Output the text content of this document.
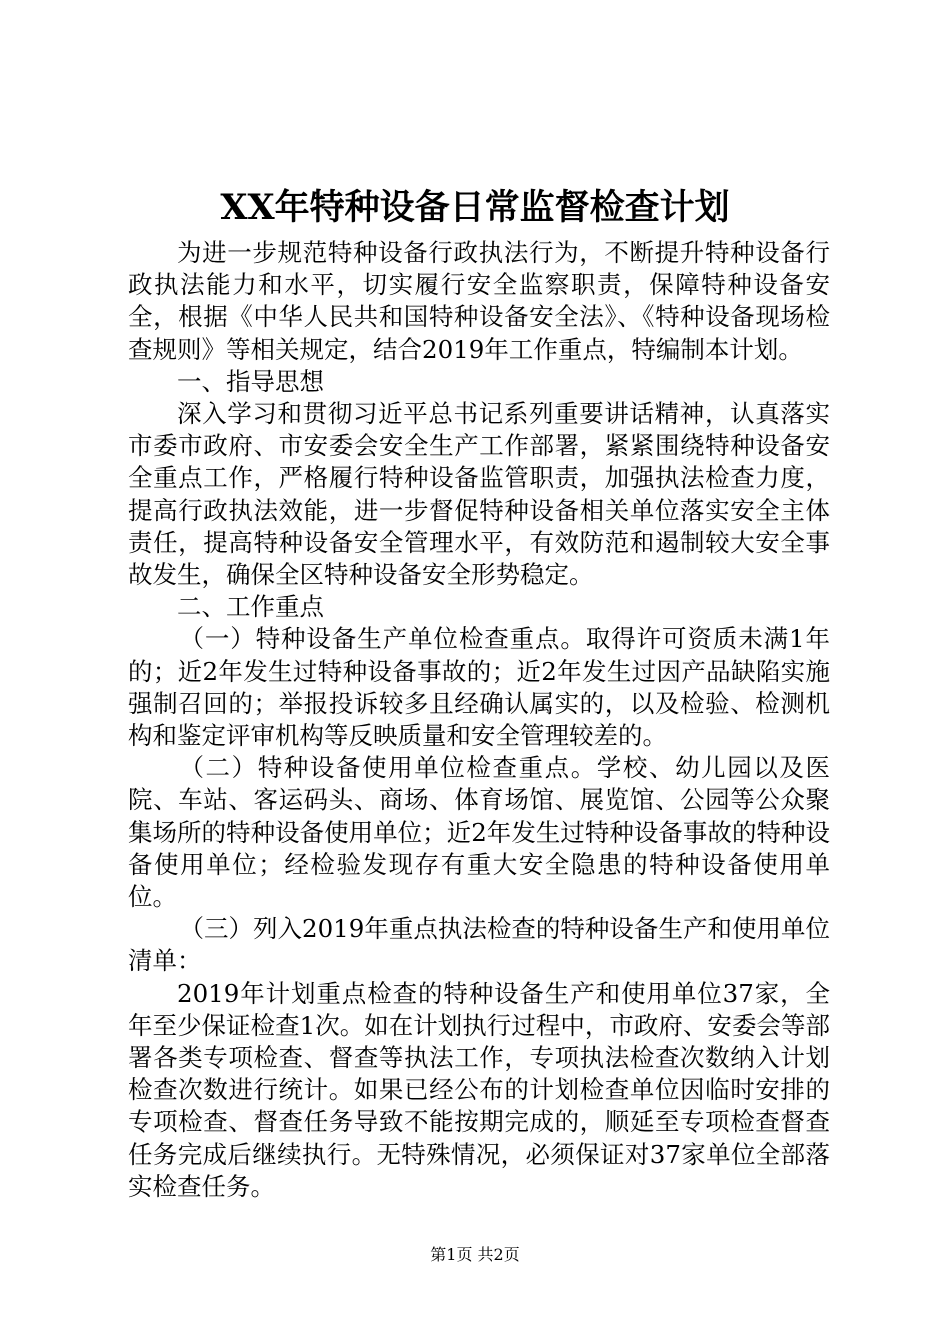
XX年特种设备日常监督检查计划

为进一步规范特种设备行政执法行为，不断提升特种设备行政执法能力和水平，切实履行安全监察职责，保障特种设备安全，根据《中华人民共和国特种设备安全法》、《特种设备现场检查规则》等相关规定，结合2019年工作重点，特编制本计划。

一、指导思想

深入学习和贯彻习近平总书记系列重要讲话精神，认真落实市委市政府、市安委会安全生产工作部署，紧紧围绕特种设备安全重点工作，严格履行特种设备监管职责，加强执法检查力度，提高行政执法效能，进一步督促特种设备相关单位落实安全主体责任，提高特种设备安全管理水平，有效防范和遏制较大安全事故发生，确保全区特种设备安全形势稳定。

二、工作重点

（一）特种设备生产单位检查重点。取得许可资质未满1年的；近2年发生过特种设备事故的；近2年发生过因产品缺陷实施强制召回的；举报投诉较多且经确认属实的，以及检验、检测机构和鉴定评审机构等反映质量和安全管理较差的。

（二）特种设备使用单位检查重点。学校、幼儿园以及医院、车站、客运码头、商场、体育场馆、展览馆、公园等公众聚集场所的特种设备使用单位；近2年发生过特种设备事故的特种设备使用单位；经检验发现存有重大安全隐患的特种设备使用单位。

（三）列入2019年重点执法检查的特种设备生产和使用单位清单：

2019年计划重点检查的特种设备生产和使用单位37家，全年至少保证检查1次。如在计划执行过程中，市政府、安委会等部署各类专项检查、督查等执法工作，专项执法检查次数纳入计划检查次数进行统计。如果已经公布的计划检查单位因临时安排的专项检查、督查任务导致不能按期完成的，顺延至专项检查督查任务完成后继续执行。无特殊情况，必须保证对37家单位全部落实检查任务。

第1页 共2页
